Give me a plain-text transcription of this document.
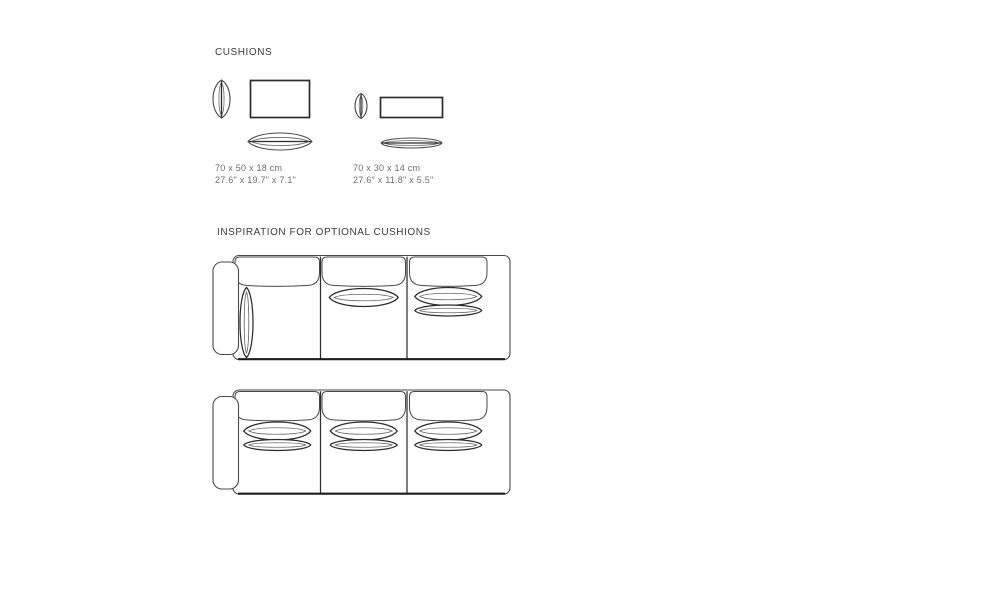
CUSHIONS
70 x 50 x 18 cm
27.6" x 19.7" x 7.1"
70 x 30 x 14 cm
27.6" x 11.8" x 5.5"
INSPIRATION FOR OPTIONAL CUSHIONS
